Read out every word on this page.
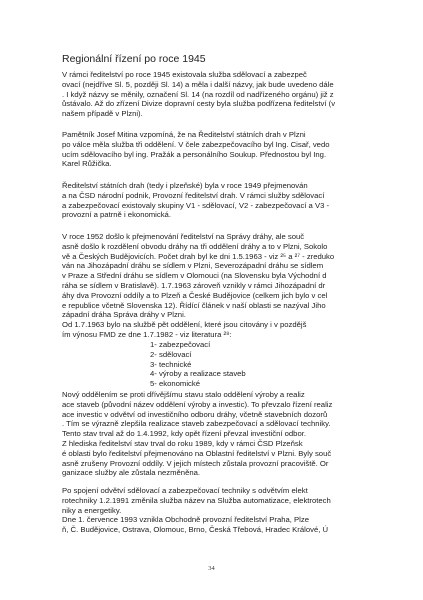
Regionální řízení po roce 1945
V rámci ředitelství po roce 1945 existovala služba sdělovací a zabezpeč
ovací (nejdříve Sl. 5, později Sl. 14) a měla i další názvy, jak bude uvedeno dále
. I když názvy se měnily, označení Sl. 14 (na rozdíl od nadřízeného orgánu) již z
ůstávalo. Až do zřízení Divize dopravní cesty byla služba podřízena ředitelství (v
našem případě v Plzni).
Pamětník Josef Mitina vzpomíná, že na Ředitelství státních drah v Plzni
po válce měla služba tři oddělení. V čele zabezpečovacího byl Ing. Cisař, vedo
ucím sdělovacího byl ing. Pražák a personálního Soukup. Přednostou byl Ing.
Karel Růžička.
Ředitelství státních drah (tedy i plzeňské) byla v roce 1949 přejmenován
a na ČSD národní podnik, Provozní ředitelství drah. V rámci služby sdělovací
a zabezpečovací existovaly skupiny V1 - sdělovací, V2 - zabezpečovací a V3 -
provozní a patrně i ekonomická.
V roce 1952 došlo k přejmenování ředitelství na Správy dráhy, ale souč
asně došlo k rozdělení obvodu dráhy na tři oddělení dráhy a to v Plzni, Sokolo
vě a Českých Budějovicích. Počet drah byl ke dni 1.5.1963 - viz ²⁵ a ²⁷ - zreduko
ván na Jihozápadní dráhu se sídlem v Plzni, Severozápadní dráhu se sídlem
v Praze a Střední dráhu se sídlem v Olomouci (na Slovensku byla Východní d
ráha se sídlem v Bratislavě). 1.7.1963 zároveň vznikly v rámci Jihozápadní dr
áhy dva Provozní oddíly a to Plzeň a České Budějovice (celkem jich bylo v cel
e republice včetně Slovenska 12). Řídící článek v naší oblasti se nazýval Jiho
západní dráha Správa dráhy v Plzni.
Od 1.7.1963 bylo na službě pět oddělení, které jsou citovány i v pozdějš
ím výnosu FMD ze dne 1.7.1982 - viz literatura ²⁸:
1- zabezpečovací
2- sdělovací
3- technické
4- výroby a realizace staveb
5- ekonomické
Nový oddělením se proti dřívějšímu stavu stalo oddělení výroby a realiz
ace staveb (původní název oddělení výroby a investic). To převzalo řízení realiz
ace investic v odvětví od investičního odboru dráhy, včetně stavebních dozorů
. Tím se výrazně zlepšila realizace staveb zabezpečovací a sdělovací techniky.
Tento stav trval až do 1.4.1992, kdy opět řízení převzal investiční odbor.
Z hlediska ředitelství stav trval do roku 1989, kdy v rámci ČSD Plzeňsk
é oblasti bylo ředitelství přejmenováno na Oblastní ředitelství v Plzni. Byly souč
asně zrušeny Provozní oddíly. V jejich místech zůstala provozní pracoviště. Or
ganizace služby ale zůstala nezměněna.
Po spojení odvětví sdělovací a zabezpečovací techniky s odvětvím elekt
rotechniky 1.2.1991 změnila služba název na Služba automatizace, elektrotech
niky a energetiky.
Dne 1. července 1993 vznikla Obchodně provozní ředitelství Praha, Plze
ň, Č. Budějovice, Ostrava, Olomouc, Brno, Česká Třebová, Hradec Králové, Ú
34
